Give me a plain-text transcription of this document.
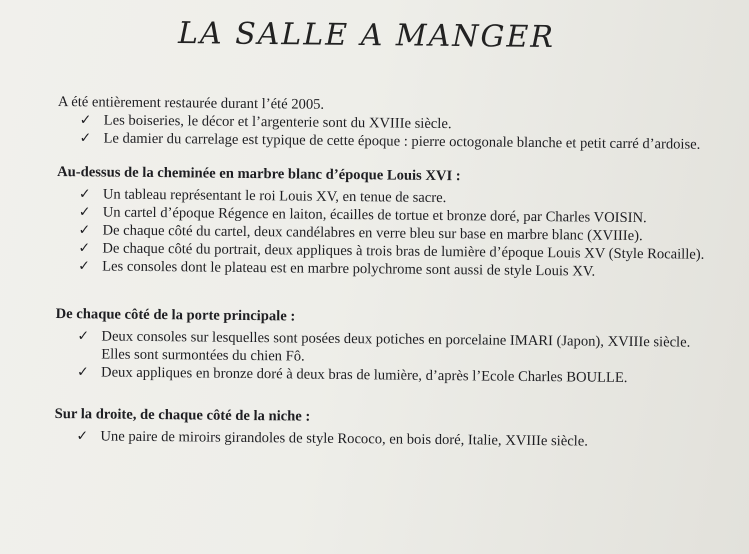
LA SALLE A MANGER
A été entièrement restaurée durant l’été 2005.
✓ Les boiseries, le décor et l’argenterie sont du XVIIIe siècle.
✓ Le damier du carrelage est typique de cette époque : pierre octogonale blanche et petit carré d’ardoise.
Au-dessus de la cheminée en marbre blanc d’époque Louis XVI :
✓ Un tableau représentant le roi Louis XV, en tenue de sacre.
✓ Un cartel d’époque Régence en laiton, écailles de tortue et bronze doré, par Charles VOISIN.
✓ De chaque côté du cartel, deux candélabres en verre bleu sur base en marbre blanc (XVIIIe).
✓ De chaque côté du portrait, deux appliques à trois bras de lumière d’époque Louis XV (Style Rocaille).
✓ Les consoles dont le plateau est en marbre polychrome sont aussi de style Louis XV.
De chaque côté de la porte principale :
✓ Deux consoles sur lesquelles sont posées deux potiches en porcelaine IMARI (Japon), XVIIIe siècle. Elles sont surmontées du chien Fô.
✓ Deux appliques en bronze doré à deux bras de lumière, d’après l’Ecole Charles BOULLE.
Sur la droite, de chaque côté de la niche :
✓ Une paire de miroirs girandoles de style Rococo, en bois doré, Italie, XVIIIe siècle.
